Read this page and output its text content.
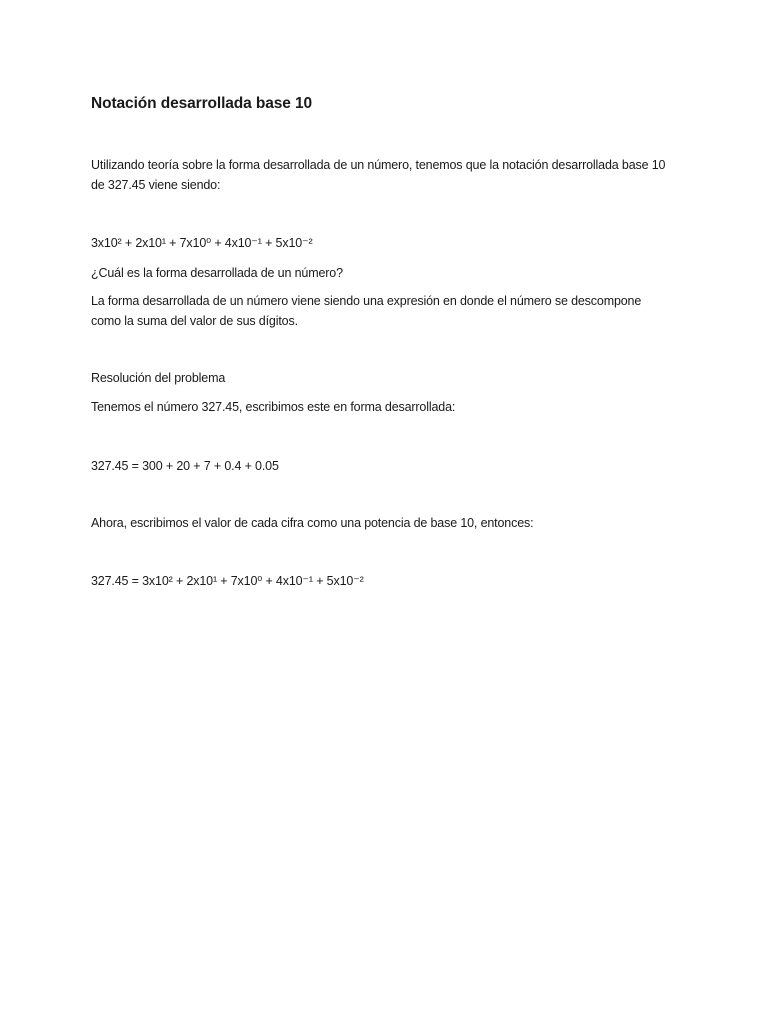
Notación desarrollada base 10

Utilizando teoría sobre la forma desarrollada de un número, tenemos que la notación desarrollada base 10 de 327.45 viene siendo:

3x10² + 2x10¹ + 7x10⁰ + 4x10⁻¹ + 5x10⁻²

¿Cuál es la forma desarrollada de un número?

La forma desarrollada de un número viene siendo una expresión en donde el número se descompone como la suma del valor de sus dígitos.

Resolución del problema

Tenemos el número 327.45, escribimos este en forma desarrollada:

327.45 = 300 + 20 + 7 + 0.4 + 0.05

Ahora, escribimos el valor de cada cifra como una potencia de base 10, entonces:

327.45 = 3x10² + 2x10¹ + 7x10⁰ + 4x10⁻¹ + 5x10⁻²
